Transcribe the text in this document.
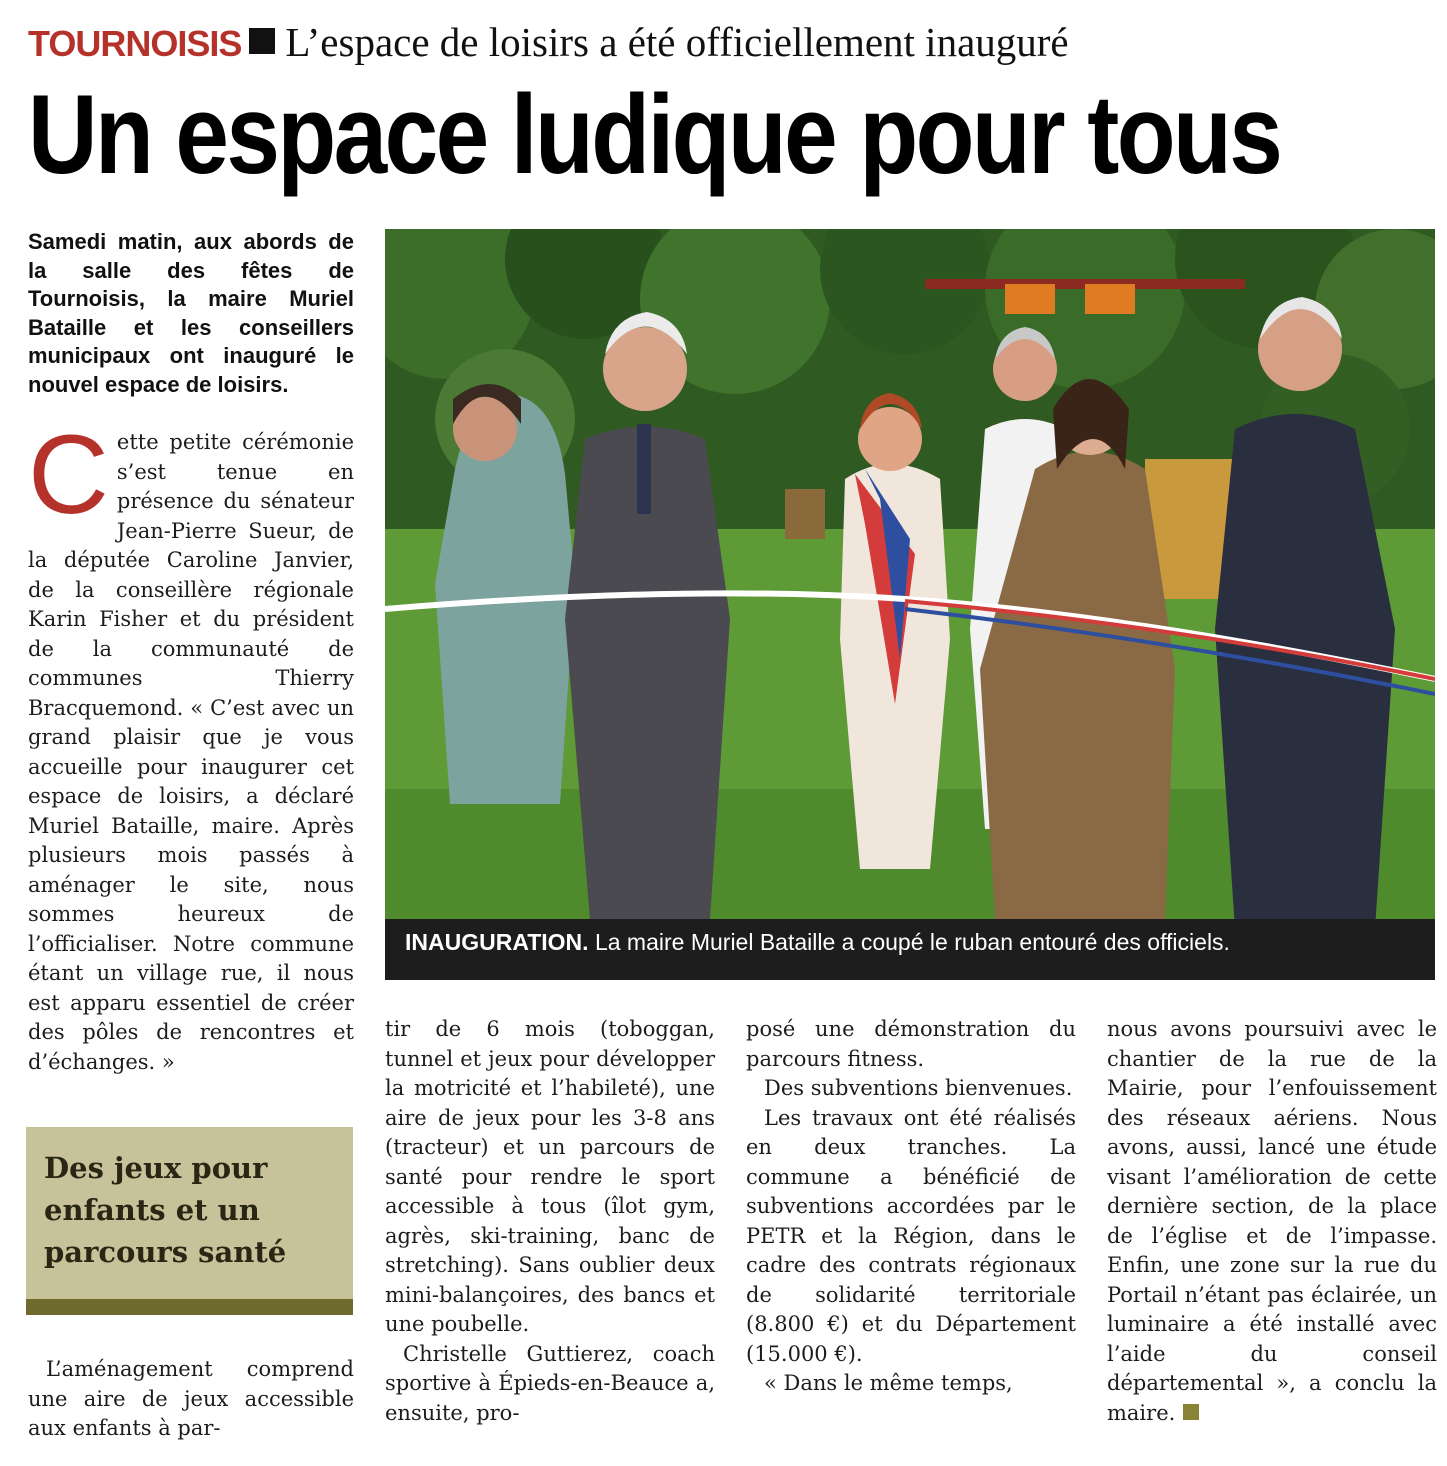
TOURNOISIS L’espace de loisirs a été officiellement inauguré
Un espace ludique pour tous

Samedi matin, aux abords de la salle des fêtes de Tournoisis, la maire Muriel Bataille et les conseillers municipaux ont inauguré le nouvel espace de loisirs.

INAUGURATION. La maire Muriel Bataille a coupé le ruban entouré des officiels.

Cette petite cérémonie s’est tenue en présence du sénateur Jean-Pierre Sueur, de la députée Caroline Janvier, de la conseillère régionale Karin Fisher et du président de la communauté de communes Thierry Bracquemond. « C’est avec un grand plaisir que je vous accueille pour inaugurer cet espace de loisirs, a déclaré Muriel Bataille, maire. Après plusieurs mois passés à aménager le site, nous sommes heureux de l’officialiser. Notre commune étant un village rue, il nous est apparu essentiel de créer des pôles de rencontres et d’échanges. »

Des jeux pour
enfants et un
parcours santé

L’aménagement comprend une aire de jeux accessible aux enfants à par-

tir de 6 mois (toboggan, tunnel et jeux pour développer la motricité et l’habileté), une aire de jeux pour les 3-8 ans (tracteur) et un parcours de santé pour rendre le sport accessible à tous (îlot gym, agrès, ski-training, banc de stretching). Sans oublier deux mini-balançoires, des bancs et une poubelle.

Christelle Guttierez, coach sportive à Épieds-en-Beauce a, ensuite, pro-

posé une démonstration du parcours fitness.

Des subventions bienvenues.

Les travaux ont été réalisés en deux tranches. La commune a bénéficié de subventions accordées par le PETR et la Région, dans le cadre des contrats régionaux de solidarité territoriale (8.800 €) et du Département (15.000 €).

« Dans le même temps,

nous avons poursuivi avec le chantier de la rue de la Mairie, pour l’enfouissement des réseaux aériens. Nous avons, aussi, lancé une étude visant l’amélioration de cette dernière section, de la place de l’église et de l’impasse. Enfin, une zone sur la rue du Portail n’étant pas éclairée, un luminaire a été installé avec l’aide du conseil départemental », a conclu la maire.
